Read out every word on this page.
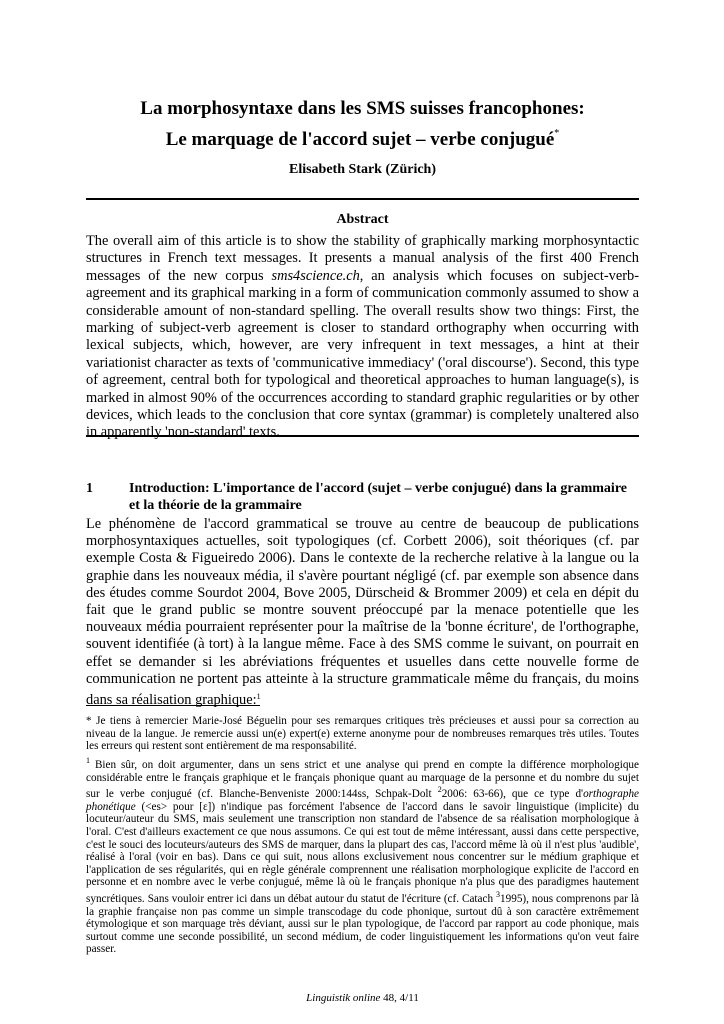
La morphosyntaxe dans les SMS suisses francophones:
Le marquage de l'accord sujet – verbe conjugué*
Elisabeth Stark (Zürich)
Abstract
The overall aim of this article is to show the stability of graphically marking morphosyntactic structures in French text messages. It presents a manual analysis of the first 400 French messages of the new corpus sms4science.ch, an analysis which focuses on subject-verb-agreement and its graphical marking in a form of communication commonly assumed to show a considerable amount of non-standard spelling. The overall results show two things: First, the marking of subject-verb agreement is closer to standard orthography when occurring with lexical subjects, which, however, are very infrequent in text messages, a hint at their variationist character as texts of 'communicative immediacy' ('oral discourse'). Second, this type of agreement, central both for typological and theoretical approaches to human language(s), is marked in almost 90% of the occurrences according to standard graphic regularities or by other devices, which leads to the conclusion that core syntax (grammar) is completely unaltered also in apparently 'non-standard' texts.
1	Introduction: L'importance de l'accord (sujet – verbe conjugué) dans la grammaire et la théorie de la grammaire
Le phénomène de l'accord grammatical se trouve au centre de beaucoup de publications morphosyntaxiques actuelles, soit typologiques (cf. Corbett 2006), soit théoriques (cf. par exemple Costa & Figueiredo 2006). Dans le contexte de la recherche relative à la langue ou la graphie dans les nouveaux média, il s'avère pourtant négligé (cf. par exemple son absence dans des études comme Sourdot 2004, Bove 2005, Dürscheid & Brommer 2009) et cela en dépit du fait que le grand public se montre souvent préoccupé par la menace potentielle que les nouveaux média pourraient représenter pour la maîtrise de la 'bonne écriture', de l'orthographe, souvent identifiée (à tort) à la langue même. Face à des SMS comme le suivant, on pourrait en effet se demander si les abréviations fréquentes et usuelles dans cette nouvelle forme de communication ne portent pas atteinte à la structure grammaticale même du français, du moins dans sa réalisation graphique:$^1$
* Je tiens à remercier Marie-José Béguelin pour ses remarques critiques très précieuses et aussi pour sa correction au niveau de la langue. Je remercie aussi un(e) expert(e) externe anonyme pour de nombreuses remarques très utiles. Toutes les erreurs qui restent sont entièrement de ma responsabilité.
$^1$ Bien sûr, on doit argumenter, dans un sens strict et une analyse qui prend en compte la différence morphologique considérable entre le français graphique et le français phonique quant au marquage de la personne et du nombre du sujet sur le verbe conjugué (cf. Blanche-Benveniste 2000:144ss, Schpak-Dolt $^2$2006: 63-66), que ce type d'orthographe phonétique (<es> pour [ε]) n'indique pas forcément l'absence de l'accord dans le savoir linguistique (implicite) du locuteur/auteur du SMS, mais seulement une transcription non standard de l'absence de sa réalisation morphologique à l'oral. C'est d'ailleurs exactement ce que nous assumons. Ce qui est tout de même intéressant, aussi dans cette perspective, c'est le souci des locuteurs/auteurs des SMS de marquer, dans la plupart des cas, l'accord même là où il n'est plus 'audible', réalisé à l'oral (voir en bas). Dans ce qui suit, nous allons exclusivement nous concentrer sur le médium graphique et l'application de ses régularités, qui en règle générale comprennent une réalisation morphologique explicite de l'accord en personne et en nombre avec le verbe conjugué, même là où le français phonique n'a plus que des paradigmes hautement syncrétiques. Sans vouloir entrer ici dans un débat autour du statut de l'écriture (cf. Catach $^3$1995), nous comprenons par là la graphie française non pas comme un simple transcodage du code phonique, surtout dû à son caractère extrêmement étymologique et son marquage très déviant, aussi sur le plan typologique, de l'accord par rapport au code phonique, mais surtout comme une seconde possibilité, un second médium, de coder linguistiquement les informations qu'on veut faire passer.
Linguistik online 48, 4/11
